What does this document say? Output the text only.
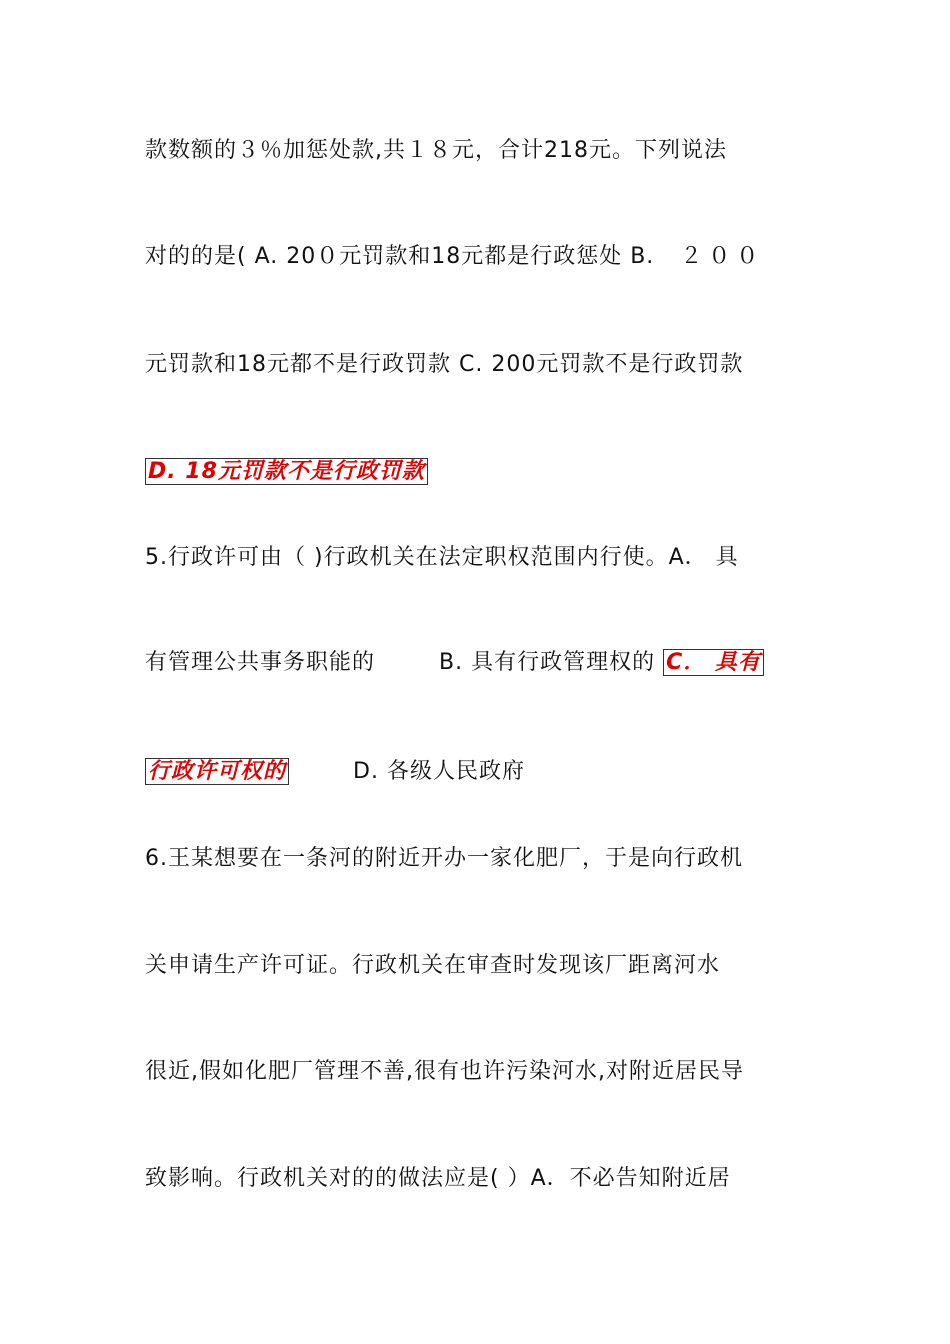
款数额的３％加惩处款,共１８元，合计218元。下列说法
对的的是( A. 20０元罚款和18元都是行政惩处 B. ２００
元罚款和18元都不是行政罚款 C. 200元罚款不是行政罚款
D. 18元罚款不是行政罚款
5.行政许可由（ )行政机关在法定职权范围内行使。A． 具
有管理公共事务职能的	B. 具有行政管理权的 C． 具有
行政许可权的	D. 各级人民政府
6.王某想要在一条河的附近开办一家化肥厂，于是向行政机
关申请生产许可证。行政机关在审查时发现该厂距离河水
很近,假如化肥厂管理不善,很有也许污染河水,对附近居民导
致影响。行政机关对的的做法应是( ）A．不必告知附近居
